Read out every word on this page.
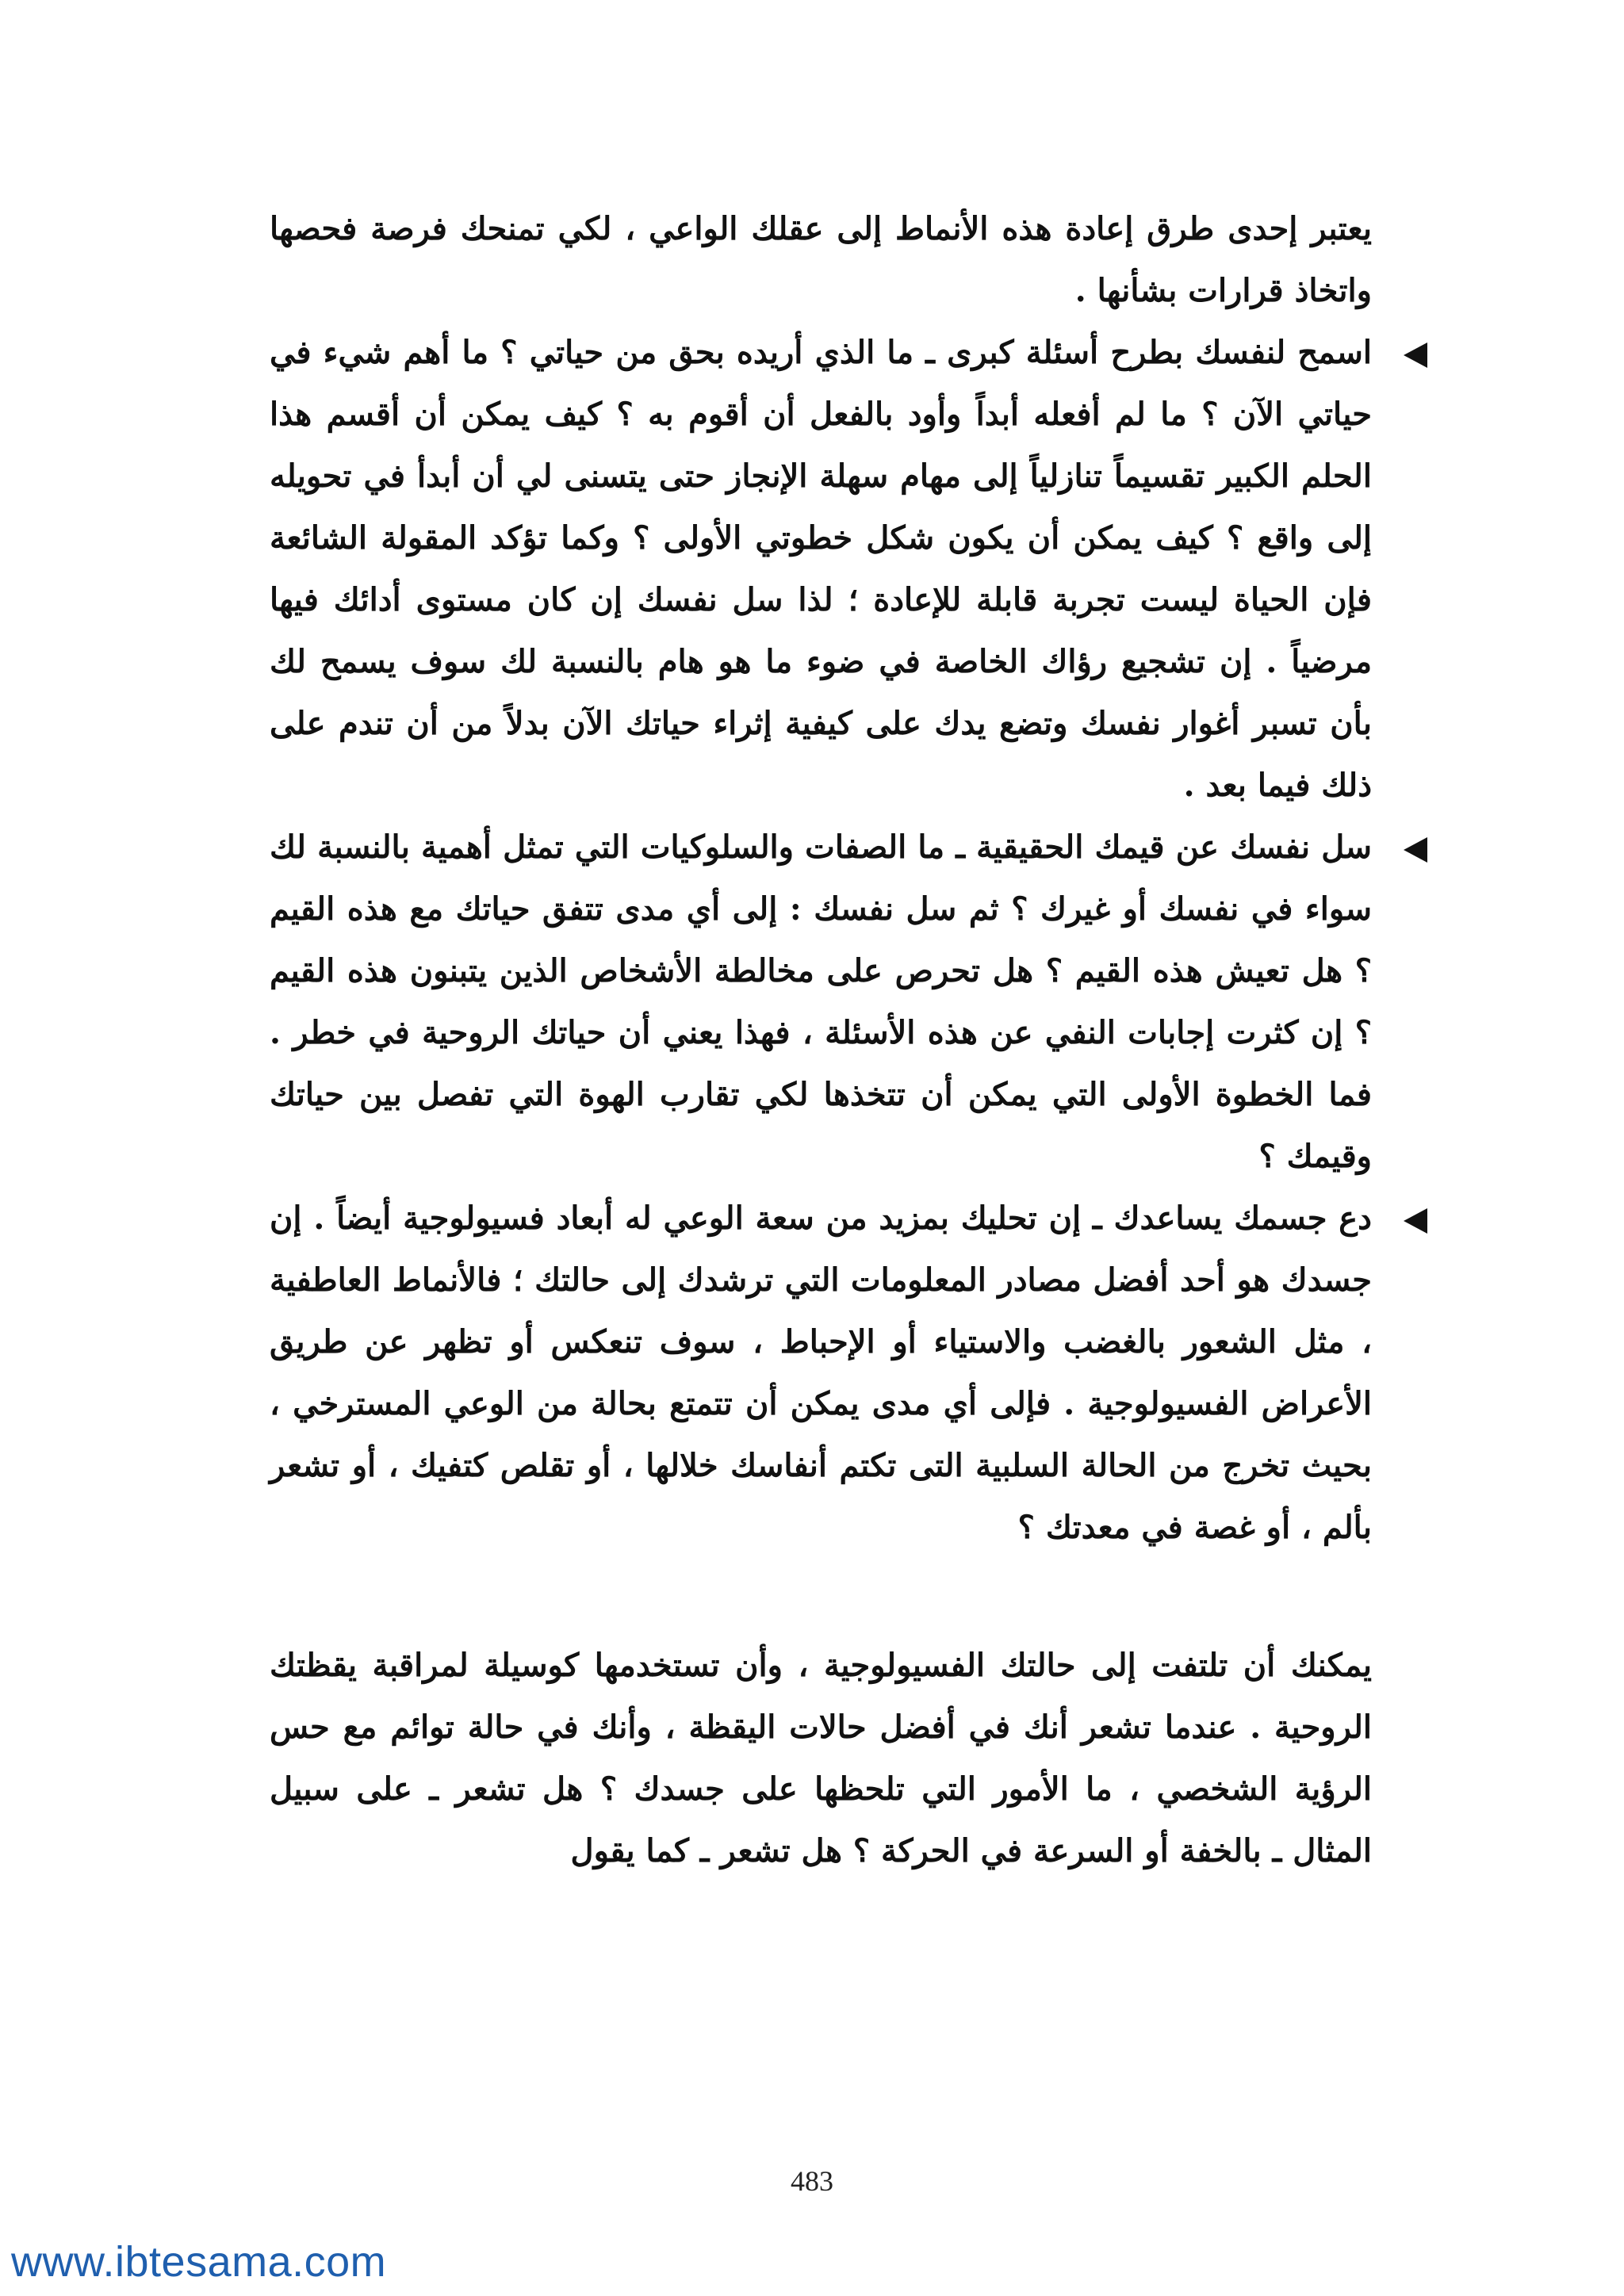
يعتبر إحدى طرق إعادة هذه الأنماط إلى عقلك الواعي ، لكي تمنحك فرصة فحصها واتخاذ قرارات بشأنها .

اسمح لنفسك بطرح أسئلة كبرى ـ ما الذي أريده بحق من حياتي ؟ ما أهم شيء في حياتي الآن ؟ ما لم أفعله أبداً وأود بالفعل أن أقوم به ؟ كيف يمكن أن أقسم هذا الحلم الكبير تقسيماً تنازلياً إلى مهام سهلة الإنجاز حتى يتسنى لي أن أبدأ في تحويله إلى واقع ؟ كيف يمكن أن يكون شكل خطوتي الأولى ؟ وكما تؤكد المقولة الشائعة فإن الحياة ليست تجربة قابلة للإعادة ؛ لذا سل نفسك إن كان مستوى أدائك فيها مرضياً . إن تشجيع رؤاك الخاصة في ضوء ما هو هام بالنسبة لك سوف يسمح لك بأن تسبر أغوار نفسك وتضع يدك على كيفية إثراء حياتك الآن بدلاً من أن تندم على ذلك فيما بعد .
سل نفسك عن قيمك الحقيقية ـ ما الصفات والسلوكيات التي تمثل أهمية بالنسبة لك سواء في نفسك أو غيرك ؟ ثم سل نفسك : إلى أي مدى تتفق حياتك مع هذه القيم ؟ هل تعيش هذه القيم ؟ هل تحرص على مخالطة الأشخاص الذين يتبنون هذه القيم ؟ إن كثرت إجابات النفي عن هذه الأسئلة ، فهذا يعني أن حياتك الروحية في خطر . فما الخطوة الأولى التي يمكن أن تتخذها لكي تقارب الهوة التي تفصل بين حياتك وقيمك ؟
دع جسمك يساعدك ـ إن تحليك بمزيد من سعة الوعي له أبعاد فسيولوجية أيضاً . إن جسدك هو أحد أفضل مصادر المعلومات التي ترشدك إلى حالتك ؛ فالأنماط العاطفية ، مثل الشعور بالغضب والاستياء أو الإحباط ، سوف تنعكس أو تظهر عن طريق الأعراض الفسيولوجية . فإلى أي مدى يمكن أن تتمتع بحالة من الوعي المسترخي ، بحيث تخرج من الحالة السلبية التى تكتم أنفاسك خلالها ، أو تقلص كتفيك ، أو تشعر بألم ، أو غصة في معدتك ؟

يمكنك أن تلتفت إلى حالتك الفسيولوجية ، وأن تستخدمها كوسيلة لمراقبة يقظتك الروحية . عندما تشعر أنك في أفضل حالات اليقظة ، وأنك في حالة توائم مع حس الرؤية الشخصي ، ما الأمور التي تلحظها على جسدك ؟ هل تشعر ـ على سبيل المثال ـ بالخفة أو السرعة في الحركة ؟ هل تشعر ـ كما يقول

483
www.ibtesama.com
